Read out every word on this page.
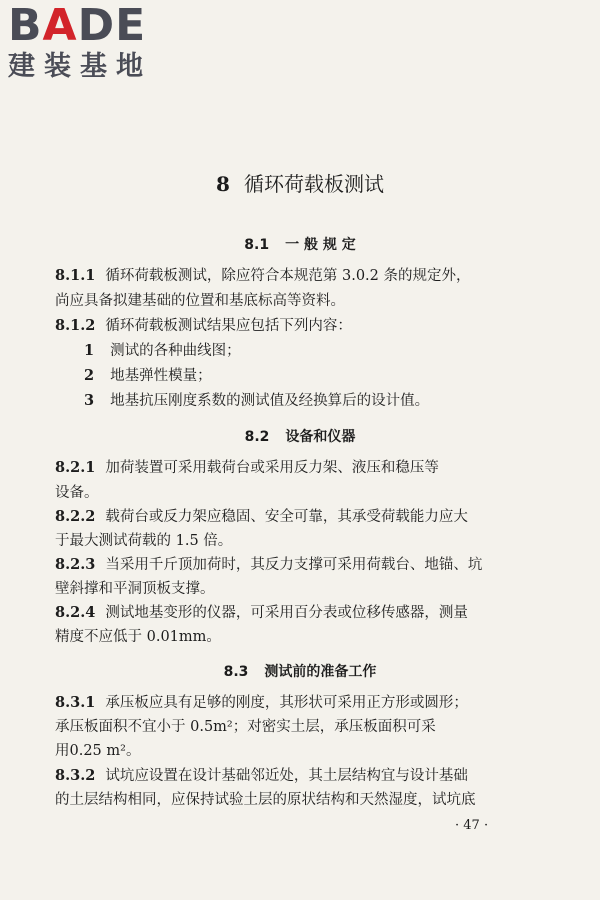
BADE
建装基地
8 循环荷载板测试
8.1 一 般 规 定
8.1.1 循环荷载板测试，除应符合本规范第 3.0.2 条的规定外，
尚应具备拟建基础的位置和基底标高等资料。
8.1.2 循环荷载板测试结果应包括下列内容：
1 测试的各种曲线图；
2 地基弹性模量；
3 地基抗压刚度系数的测试值及经换算后的设计值。
8.2 设备和仪器
8.2.1 加荷装置可采用载荷台或采用反力架、液压和稳压等
设备。
8.2.2 载荷台或反力架应稳固、安全可靠，其承受荷载能力应大
于最大测试荷载的 1.5 倍。
8.2.3 当采用千斤顶加荷时，其反力支撑可采用荷载台、地锚、坑
壁斜撑和平洞顶板支撑。
8.2.4 测试地基变形的仪器，可采用百分表或位移传感器，测量
精度不应低于 0.01mm。
8.3 测试前的准备工作
8.3.1 承压板应具有足够的刚度，其形状可采用正方形或圆形；
承压板面积不宜小于 0.5m²；对密实土层，承压板面积可采
用0.25 m²。
8.3.2 试坑应设置在设计基础邻近处，其土层结构宜与设计基础
的土层结构相同，应保持试验土层的原状结构和天然湿度，试坑底
· 47 ·
